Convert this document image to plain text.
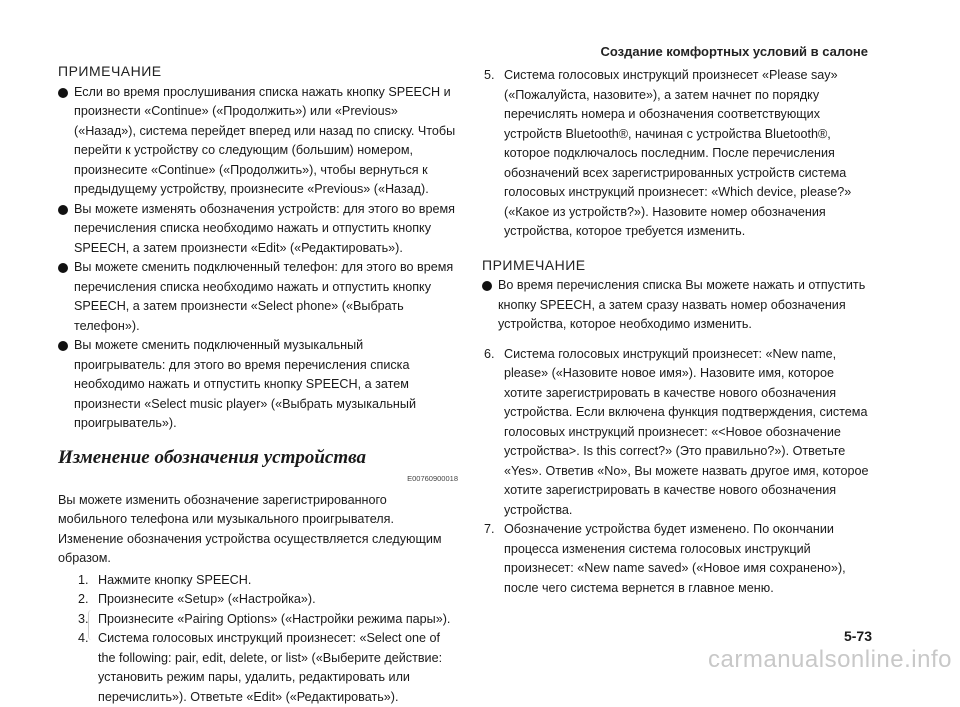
Создание комфортных условий в салоне
ПРИМЕЧАНИЕ
Если во время прослушивания списка нажать кнопку SPEECH и произнести «Continue» («Продолжить») или «Previous» («Назад»), система перейдет вперед или назад по списку. Чтобы перейти к устройству со следующим (большим) номером, произнесите «Continue» («Продолжить»), чтобы вернуться к предыдущему устройству, произнесите «Previous» («Назад).
Вы можете изменять обозначения устройств: для этого во время перечисления списка необходимо нажать и отпустить кнопку SPEECH, а затем произнести «Edit» («Редактировать»).
Вы можете сменить подключенный телефон: для этого во время перечисления списка необходимо нажать и отпустить кнопку SPEECH, а затем произнести «Select phone» («Выбрать телефон»).
Вы можете сменить подключенный музыкальный проигрыватель: для этого во время перечисления списка необходимо нажать и отпустить кнопку SPEECH, а затем произнести «Select music player» («Выбрать музыкальный проигрыватель»).
Изменение обозначения устройства
E00760900018

Вы можете изменить обозначение зарегистрированного мобильного телефона или музыкального проигрывателя. Изменение обозначения устройства осуществляется следующим образом.

1. Нажмите кнопку SPEECH.
2. Произнесите «Setup» («Настройка»).
3. Произнесите «Pairing Options» («Настройки режима пары»).
4. Система голосовых инструкций произнесет: «Select one of the following: pair, edit, delete, or list» («Выберите действие: установить режим пары, удалить, редактировать или перечислить»). Ответьте «Edit» («Редактировать»).
5. Система голосовых инструкций произнесет «Please say» («Пожалуйста, назовите»), а затем начнет по порядку перечислять номера и обозначения соответствующих устройств Bluetooth®, начиная с устройства Bluetooth®, которое подключалось последним. После перечисления обозначений всех зарегистрированных устройств система голосовых инструкций произнесет: «Which device, please?» («Какое из устройств?»). Назовите номер обозначения устройства, которое требуется изменить.
ПРИМЕЧАНИЕ
Во время перечисления списка Вы можете нажать и отпустить кнопку SPEECH, а затем сразу назвать номер обозначения устройства, которое необходимо изменить.
6. Система голосовых инструкций произнесет: «New name, please» («Назовите новое имя»). Назовите имя, которое хотите зарегистрировать в качестве нового обозначения устройства. Если включена функция подтверждения, система голосовых инструкций произнесет: «<Новое обозначение устройства>. Is this correct?» (Это правильно?»). Ответьте «Yes». Ответив «No», Вы можете назвать другое имя, которое хотите зарегистрировать в качестве нового обозначения устройства.
7. Обозначение устройства будет изменено. По окончании процесса изменения система голосовых инструкций произнесет: «New name saved» («Новое имя сохранено»), после чего система вернется в главное меню.
5-73
carmanualsonline.info
